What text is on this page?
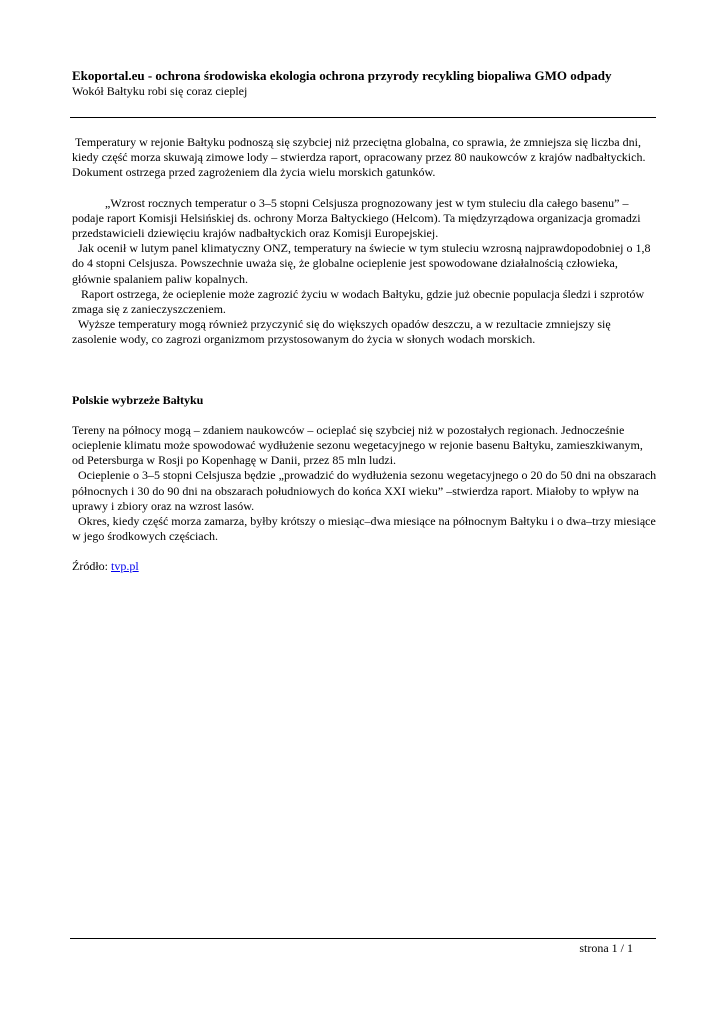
Ekoportal.eu - ochrona środowiska ekologia ochrona przyrody recykling biopaliwa GMO odpady
Wokół Bałtyku robi się coraz cieplej

Temperatury w rejonie Bałtyku podnoszą się szybciej niż przeciętna globalna, co sprawia, że zmniejsza się liczba dni, kiedy część morza skuwają zimowe lody – stwierdza raport, opracowany przez 80 naukowców z krajów nadbałtyckich. Dokument ostrzega przed zagrożeniem dla życia wielu morskich gatunków.

„Wzrost rocznych temperatur o 3–5 stopni Celsjusza prognozowany jest w tym stuleciu dla całego basenu” – podaje raport Komisji Helsińskiej ds. ochrony Morza Bałtyckiego (Helcom). Ta międzyrządowa organizacja gromadzi przedstawicieli dziewięciu krajów nadbałtyckich oraz Komisji Europejskiej.

Jak ocenił w lutym panel klimatyczny ONZ, temperatury na świecie w tym stuleciu wzrosną najprawdopodobniej o 1,8 do 4 stopni Celsjusza. Powszechnie uważa się, że globalne ocieplenie jest spowodowane działalnością człowieka, głównie spalaniem paliw kopalnych.

Raport ostrzega, że ocieplenie może zagrozić życiu w wodach Bałtyku, gdzie już obecnie populacja śledzi i szprotów zmaga się z zanieczyszczeniem.

Wyższe temperatury mogą również przyczynić się do większych opadów deszczu, a w rezultacie zmniejszy się zasolenie wody, co zagrozi organizmom przystosowanym do życia w słonych wodach morskich.

Polskie wybrzeże Bałtyku

Tereny na północy mogą – zdaniem naukowców – ocieplać się szybciej niż w pozostałych regionach. Jednocześnie ocieplenie klimatu może spowodować wydłużenie sezonu wegetacyjnego w rejonie basenu Bałtyku, zamieszkiwanym, od Petersburga w Rosji po Kopenhagę w Danii, przez 85 mln ludzi.

Ocieplenie o 3–5 stopni Celsjusza będzie „prowadzić do wydłużenia sezonu wegetacyjnego o 20 do 50 dni na obszarach północnych i 30 do 90 dni na obszarach południowych do końca XXI wieku” –stwierdza raport. Miałoby to wpływ na uprawy i zbiory oraz na wzrost lasów.

Okres, kiedy część morza zamarza, byłby krótszy o miesiąc–dwa miesiące na północnym Bałtyku i o dwa–trzy miesiące w jego środkowych częściach.

Źródło: tvp.pl

strona 1 / 1
